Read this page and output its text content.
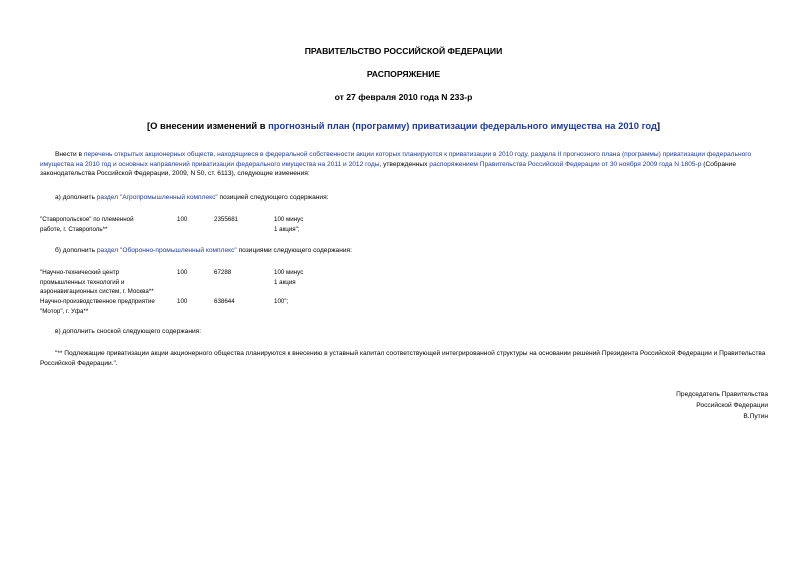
ПРАВИТЕЛЬСТВО РОССИЙСКОЙ ФЕДЕРАЦИИ
РАСПОРЯЖЕНИЕ
от 27 февраля 2010 года N 233-р
[О внесении изменений в прогнозный план (программу) приватизации федерального имущества на 2010 год]
Внести в перечень открытых акционерных обществ, находящиеся в федеральной собственности акции которых планируются к приватизации в 2010 году, раздела II прогнозного плана (программы) приватизации федерального имущества на 2010 год и основных направлений приватизации федерального имущества на 2011 и 2012 годы, утвержденных распоряжением Правительства Российской Федерации от 30 ноября 2009 года N 1805-р (Собрание законодательства Российской Федерации, 2009, N 50, ст. 6113), следующие изменения:
а) дополнить раздел "Агропромышленный комплекс" позицией следующего содержания:
"Ставропольское" по племенной
работе, г. Ставрополь**
100	2355681	100 минус
1 акция";
б) дополнить раздел "Оборонно-промышленный комплекс" позициями следующего содержания:
"Научно-технический центр
промышленных технологий и
аэронавигационных систем, г. Москва**
100	67288	100 минус
1 акция
Научно-производственное предприятие
"Мотор", г. Уфа**
100	638644	100";
в) дополнить сноской следующего содержания:
"** Подлежащие приватизации акции акционерного общества планируются к внесению в уставный капитал соответствующей интегрированной структуры на основании решений Президента Российской Федерации и Правительства Российской Федерации.".
Председатель Правительства
Российской Федерации
В.Путин
